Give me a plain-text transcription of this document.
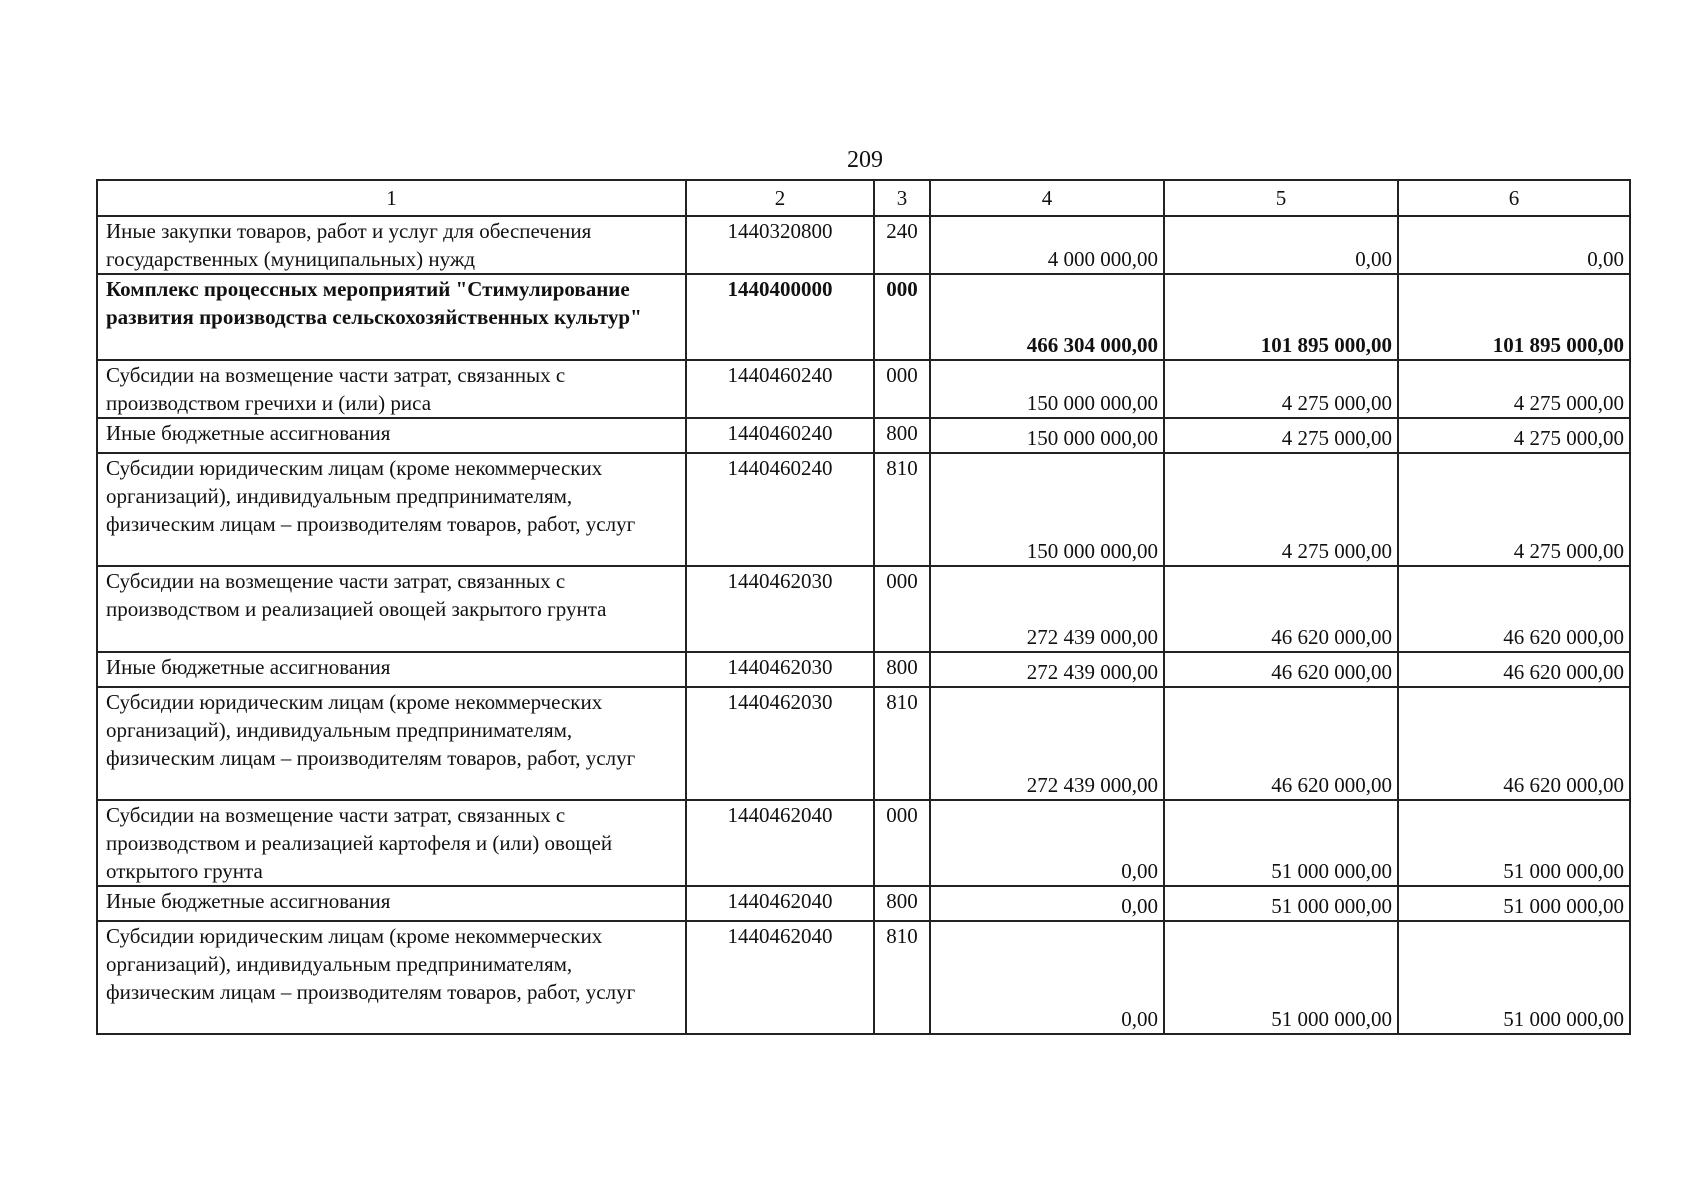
209
1	2	3	4	5	6
Иные закупки товаров, работ и услуг для обеспечения государственных (муниципальных) нужд	1440320800	240	4 000 000,00	0,00	0,00
Комплекс процессных мероприятий "Стимулирование развития производства сельскохозяйственных культур"	1440400000	000	466 304 000,00	101 895 000,00	101 895 000,00
Субсидии на возмещение части затрат, связанных с производством гречихи и (или) риса	1440460240	000	150 000 000,00	4 275 000,00	4 275 000,00
Иные бюджетные ассигнования	1440460240	800	150 000 000,00	4 275 000,00	4 275 000,00
Субсидии юридическим лицам (кроме некоммерческих организаций), индивидуальным предпринимателям, физическим лицам – производителям товаров, работ, услуг	1440460240	810	150 000 000,00	4 275 000,00	4 275 000,00
Субсидии на возмещение части затрат, связанных с производством и реализацией овощей закрытого грунта	1440462030	000	272 439 000,00	46 620 000,00	46 620 000,00
Иные бюджетные ассигнования	1440462030	800	272 439 000,00	46 620 000,00	46 620 000,00
Субсидии юридическим лицам (кроме некоммерческих организаций), индивидуальным предпринимателям, физическим лицам – производителям товаров, работ, услуг	1440462030	810	272 439 000,00	46 620 000,00	46 620 000,00
Субсидии на возмещение части затрат, связанных с производством и реализацией картофеля и (или) овощей открытого грунта	1440462040	000	0,00	51 000 000,00	51 000 000,00
Иные бюджетные ассигнования	1440462040	800	0,00	51 000 000,00	51 000 000,00
Субсидии юридическим лицам (кроме некоммерческих организаций), индивидуальным предпринимателям, физическим лицам – производителям товаров, работ, услуг	1440462040	810	0,00	51 000 000,00	51 000 000,00
